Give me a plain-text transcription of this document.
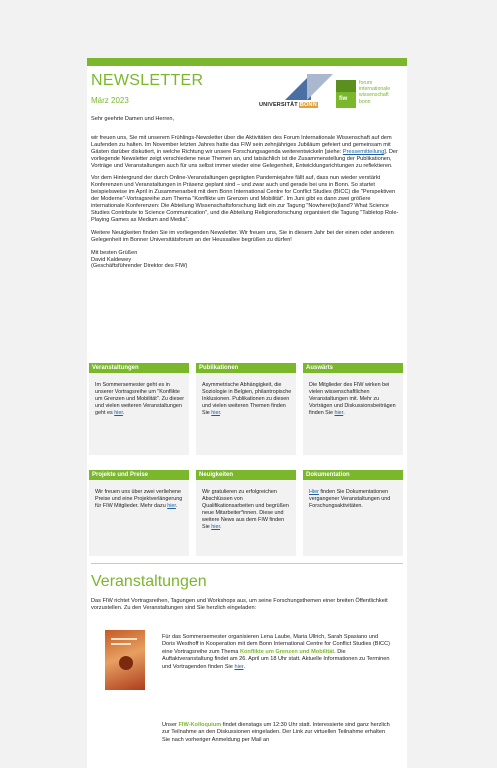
NEWSLETTER
März 2023	UNIVERSITÄT BONN
fiw
forum
internationale
wissenschaft
bonn

Sehr geehrte Damen und Herren,

wir freuen uns, Sie mit unserem Frühlings-Newsletter über die Aktivitäten des Forum Internationale Wissenschaft auf dem Laufenden zu halten. Im November letzten Jahres hatte das FIW sein zehnjähriges Jubiläum gefeiert und gemeinsam mit Gästen darüber diskutiert, in welche Richtung wir unsere Forschungsagenda weiterentwickeln [siehe: Pressemitteilung]. Der vorliegende Newsletter zeigt verschiedene neue Themen an, und tatsächlich ist die Zusammenstellung der Publikationen, Vorträge und Veranstaltungen auch für uns selbst immer wieder eine Gelegenheit, Entwicklungsrichtungen zu reflektieren.

Vor dem Hintergrund der durch Online-Veranstaltungen geprägten Pandemiejahre fällt auf, dass nun wieder verstärkt Konferenzen und Veranstaltungen in Präsenz geplant sind – und zwar auch und gerade bei uns in Bonn. So startet beispielsweise im April in Zusammenarbeit mit dem Bonn International Centre for Conflict Studies (BICC) die "Perspektiven der Moderne"-Vortragsreihe zum Thema "Konflikte um Grenzen und Mobilität". Im Juni gibt es dann zwei größere internationale Konferenzen: Die Abteilung Wissenschaftsforschung lädt ein zur Tagung "Nowhere(to)land? What Science Studies Contribute to Science Communication", und die Abteilung Religionsforschung organisiert die Tagung "Tabletop Role-Playing Games as Medium and Media".

Weitere Neuigkeiten finden Sie im vorliegenden Newsletter. Wir freuen uns, Sie in diesem Jahr bei der einen oder anderen Gelegenheit im Bonner Universitätsforum an der Heussallee begrüßen zu dürfen!

Mit besten Grüßen
David Kaldewey
(Geschäftsführender Direktor des FIW)
Veranstaltungen
Im Sommersemester geht es in unserer Vortragsreihe um "Konflikte um Grenzen und Mobilität". Zu dieser und vielen weiteren Veranstaltungen geht es hier.
Publikationen
Asymmetrische Abhängigkeit, die Soziologie in Belgien, philantropische Inklusionen. Publikationen zu diesen und vielen weiteren Themen finden Sie hier.
Auswärts
Die Mitglieder des FIW wirken bei vielen wissenschaftlichen Veranstaltungen mit. Mehr zu Vorträgen und Diskussionsbeiträgen finden Sie hier.
Projekte und Preise
Wir freuen uns über zwei verliehene Preise und eine Projektverlängerung für FIW Mitglieder. Mehr dazu hier.
Neuigkeiten
Wir gratulieren zu erfolgreichen Abschlüssen von Qualifikationsarbeiten und begrüßen neue Mitarbeiter*innen. Diese und weitere News aus dem FIW finden Sie hier.
Dokumentation
Hier finden Sie Dokumentationen vergangener Veranstaltungen und Forschungsaktivitäten.
Veranstaltungen
Das FIW richtet Vortragsreihen, Tagungen und Workshops aus, um seine Forschungsthemen einer breiten Öffentlichkeit vorzustellen. Zu den Veranstaltungen sind Sie herzlich eingeladen:
Für das Sommersemester organisieren Lena Laube, Maria Ullrich, Sarah Spasiano und Doris Westhoff in Kooperation mit dem Bonn International Centre for Conflict Studies (BICC) eine Vortragsreihe zum Thema Konflikte um Grenzen und Mobilität. Die Auftaktveranstaltung findet am 26. April um 18 Uhr statt. Aktuelle Informationen zu Terminen und Vortragenden finden Sie hier.
Unser FIW-Kolloquium findet dienstags um 12:30 Uhr statt. Interessierte sind ganz herzlich zur Teilnahme an den Diskussionen eingeladen. Der Link zur virtuellen Teilnahme erhalten Sie nach vorheriger Anmeldung per Mail an
